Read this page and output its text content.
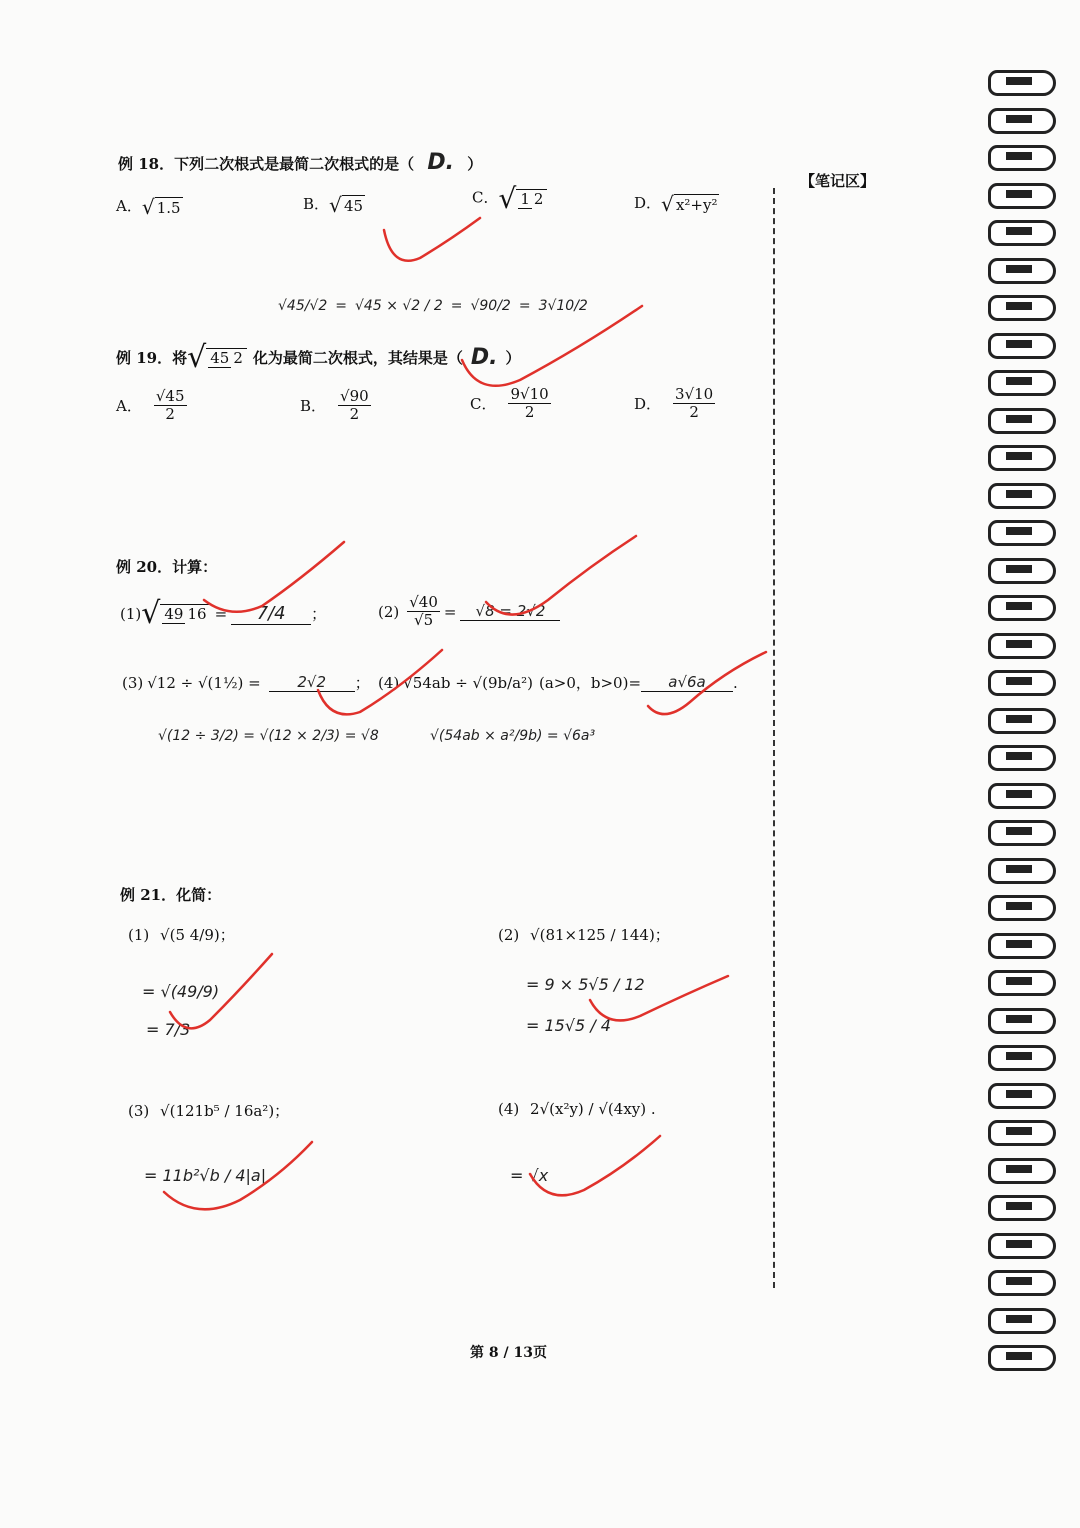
【笔记区】
例 18．下列二次根式是最简二次根式的是（ D. ）
A．√ 1.5	B．√ 45	C．√ 1 2	D．√ x²+y²
√45/√2 = √45 × √2 / 2 = √90/2 = 3√10/2
例 19．将 √ 45 2 化为最简二次根式，其结果是（ D. ）
A． $\frac{√45}{2}$	B． $\frac{√90}{2}$	C． $\frac{9√10}{2}$	D． $\frac{3√10}{2}$
例 20．计算：
(1) √ 49 16 =	7/4	；	$(2) \frac{√40}{√5}$ =	√8 = 2√2
(3) √12 ÷ √(1½) =	2√2	； (4) √54ab ÷ √(9b/a²) (a>0，b>0)=	a√6a	.
√(12 ÷ 3/2) = √(12 × 2/3) = √8	√(54ab × a²/9b) = √6a³
例 21．化简：
(1) √(5 4/9)；
= √(49/9)
= 7/3
(2) √(81×125 / 144)；
= 9 × 5√5 / 12
= 15√5 / 4
(3) √(121b⁵ / 16a²)；
= 11b²√b / 4|a|
(4) 2√(x²y) / √(4xy) .
= √x
第 8 / 13页
